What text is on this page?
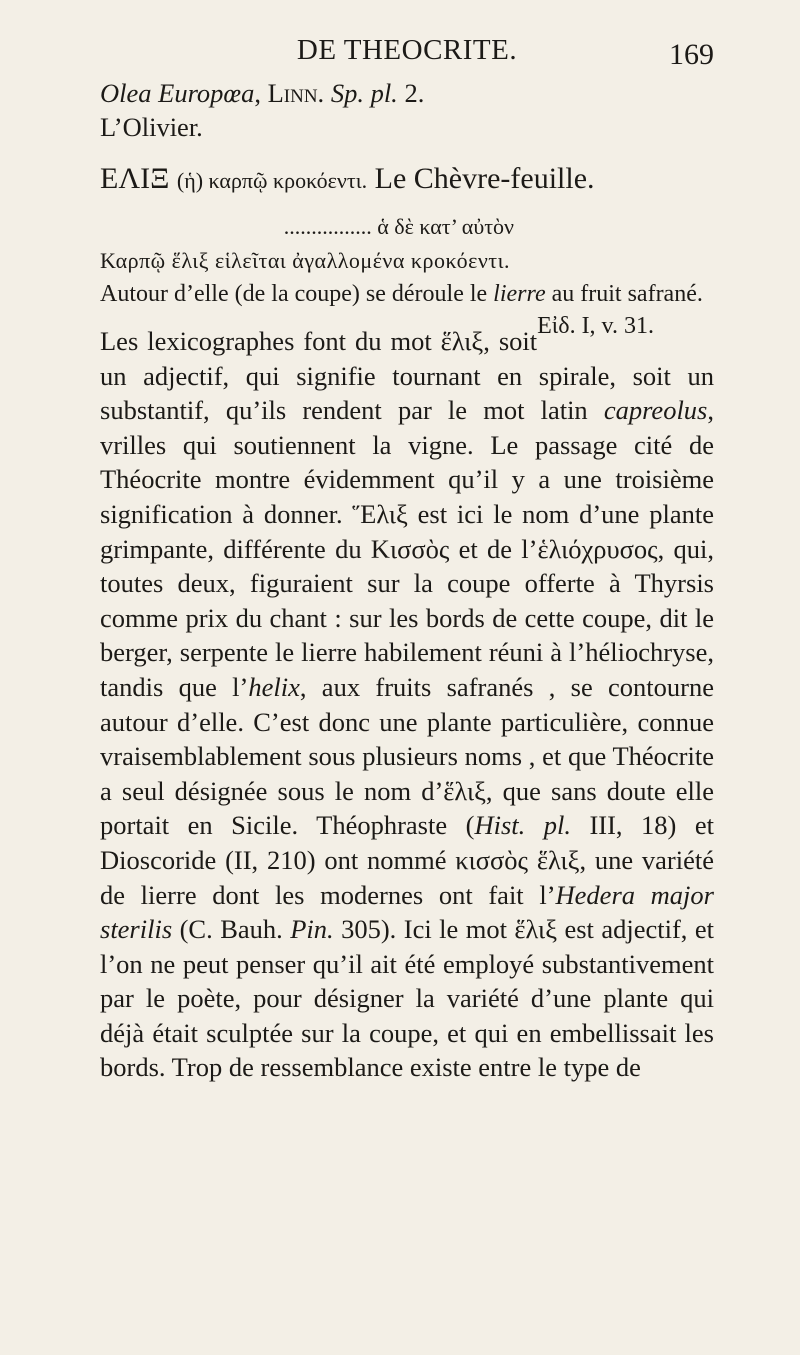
DE THEOCRITE.	169

Olea Europœa, Linn. Sp. pl. 2.

L’Olivier.

ΕΛΙΞ (ἡ) καρπῷ κροκόεντι. Le Chèvre-feuille.

................ ἁ δὲ κατ’ αὐτὸν

Καρπῷ ἕλιξ εἱλεῖται ἀγαλλομένα κροκόεντι.

Autour d’elle (de la coupe) se déroule le lierre au fruit safrané.
Εἰδ. I, v. 31.

Les lexicographes font du mot ἕλιξ, soit un adjectif, qui signifie tournant en spirale, soit un substantif, qu’ils rendent par le mot latin capreolus, vrilles qui soutiennent la vigne. Le passage cité de Théocrite montre évidemment qu’il y a une troisième signification à donner. Ἕλιξ est ici le nom d’une plante grimpante, différente du Κισσὸς et de l’ἑλιόχρυσος, qui, toutes deux, figuraient sur la coupe offerte à Thyrsis comme prix du chant : sur les bords de cette coupe, dit le berger, serpente le lierre habilement réuni à l’héliochryse, tandis que l’helix, aux fruits safranés , se contourne autour d’elle. C’est donc une plante particulière, connue vraisemblablement sous plusieurs noms , et que Théocrite a seul désignée sous le nom d’ἕλιξ, que sans doute elle portait en Sicile. Théophraste (Hist. pl. III, 18) et Dioscoride (II, 210) ont nommé κισσὸς ἕλιξ, une variété de lierre dont les modernes ont fait l’Hedera major sterilis (C. Bauh. Pin. 305). Ici le mot ἕλιξ est adjectif, et l’on ne peut penser qu’il ait été employé substantivement par le poète, pour désigner la variété d’une plante qui déjà était sculptée sur la coupe, et qui en embellissait les bords. Trop de ressemblance existe entre le type de
